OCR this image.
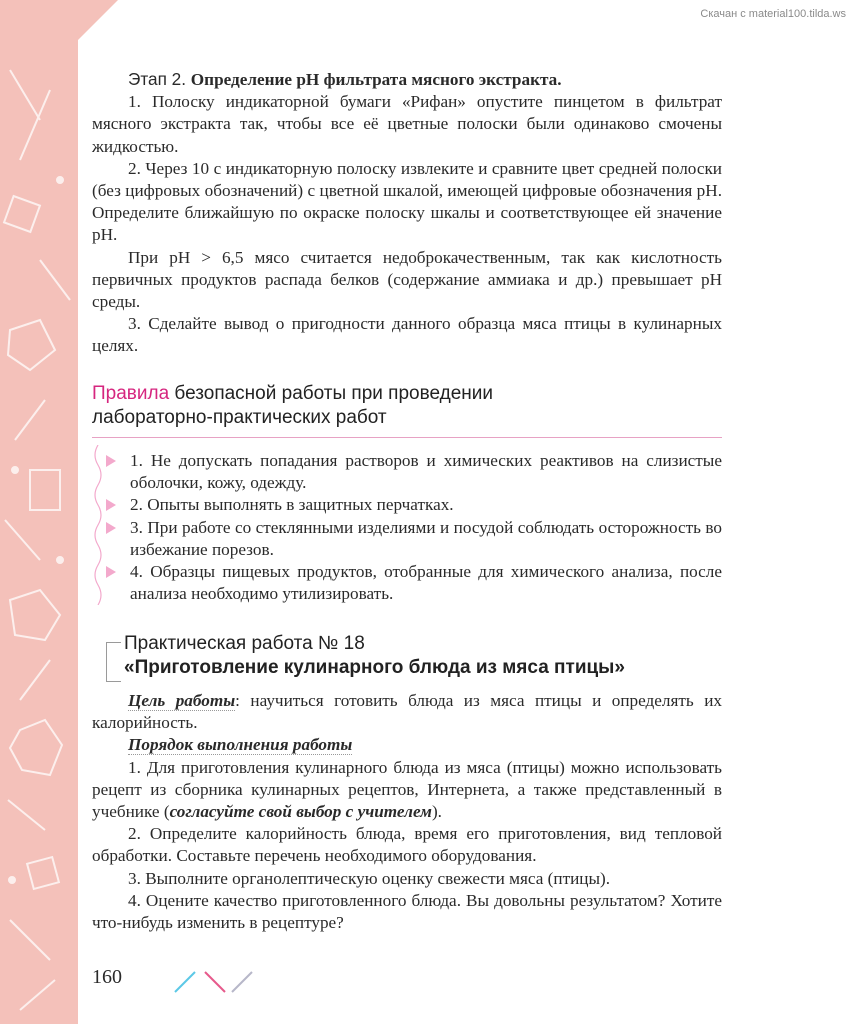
Скачан с material100.tilda.ws

Этап 2. Определение рН фильтрата мясного экстракта.

1. Полоску индикаторной бумаги «Рифан» опустите пинцетом в фильтрат мясного экстракта так, чтобы все её цветные полоски были одинаково смочены жидкостью.

2. Через 10 с индикаторную полоску извлеките и сравните цвет средней полоски (без цифровых обозначений) с цветной шкалой, имеющей цифровые обозначения рН. Определите ближайшую по окраске полоску шкалы и соответствующее ей значение рН.

При рН > 6,5 мясо считается недоброкачественным, так как кислотность первичных продуктов распада белков (содержание аммиака и др.) превышает рН среды.

3. Сделайте вывод о пригодности данного образца мяса птицы в кулинарных целях.

Правила безопасной работы при проведении
лабораторно-практических работ

1. Не допускать попадания растворов и химических реактивов на слизистые оболочки, кожу, одежду.

2. Опыты выполнять в защитных перчатках.

3. При работе со стеклянными изделиями и посудой соблюдать осторожность во избежание порезов.

4. Образцы пищевых продуктов, отобранные для химического анализа, после анализа необходимо утилизировать.

Практическая работа № 18
«Приготовление кулинарного блюда из мяса птицы»

Цель работы: научиться готовить блюда из мяса птицы и определять их калорийность.

Порядок выполнения работы

1. Для приготовления кулинарного блюда из мяса (птицы) можно использовать рецепт из сборника кулинарных рецептов, Интернета, а также представленный в учебнике (согласуйте свой выбор с учителем).

2. Определите калорийность блюда, время его приготовления, вид тепловой обработки. Составьте перечень необходимого оборудования.

3. Выполните органолептическую оценку свежести мяса (птицы).

4. Оцените качество приготовленного блюда. Вы довольны результатом? Хотите что-нибудь изменить в рецептуре?

160
